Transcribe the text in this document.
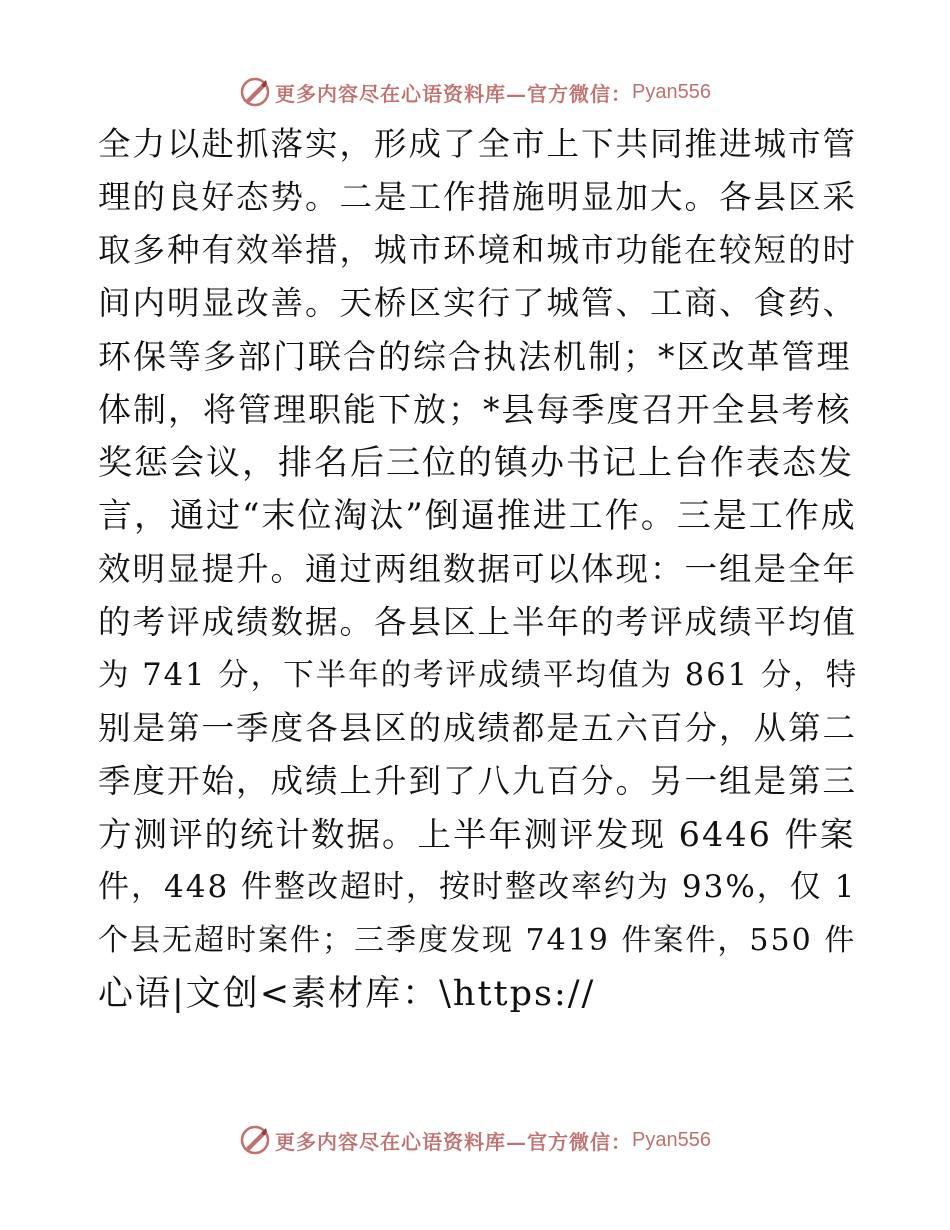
更多内容尽在心语资料库—官方微信： Pyan556
全力以赴抓落实，形成了全市上下共同推进城市管
理的良好态势。二是工作措施明显加大。各县区采
取多种有效举措，城市环境和城市功能在较短的时
间内明显改善。天桥区实行了城管、工商、食药、
环保等多部门联合的综合执法机制；*区改革管理
体制，将管理职能下放；*县每季度召开全县考核
奖惩会议，排名后三位的镇办书记上台作表态发
言，通过“末位淘汰”倒逼推进工作。三是工作成
效明显提升。通过两组数据可以体现：一组是全年
的考评成绩数据。各县区上半年的考评成绩平均值
为 741 分，下半年的考评成绩平均值为 861 分，特
别是第一季度各县区的成绩都是五六百分，从第二
季度开始，成绩上升到了八九百分。另一组是第三
方测评的统计数据。上半年测评发现 6446 件案
件，448 件整改超时，按时整改率约为 93%，仅 1
个县无超时案件；三季度发现 7419 件案件，550 件
心语|文创<素材库：\https://
更多内容尽在心语资料库—官方微信： Pyan556
